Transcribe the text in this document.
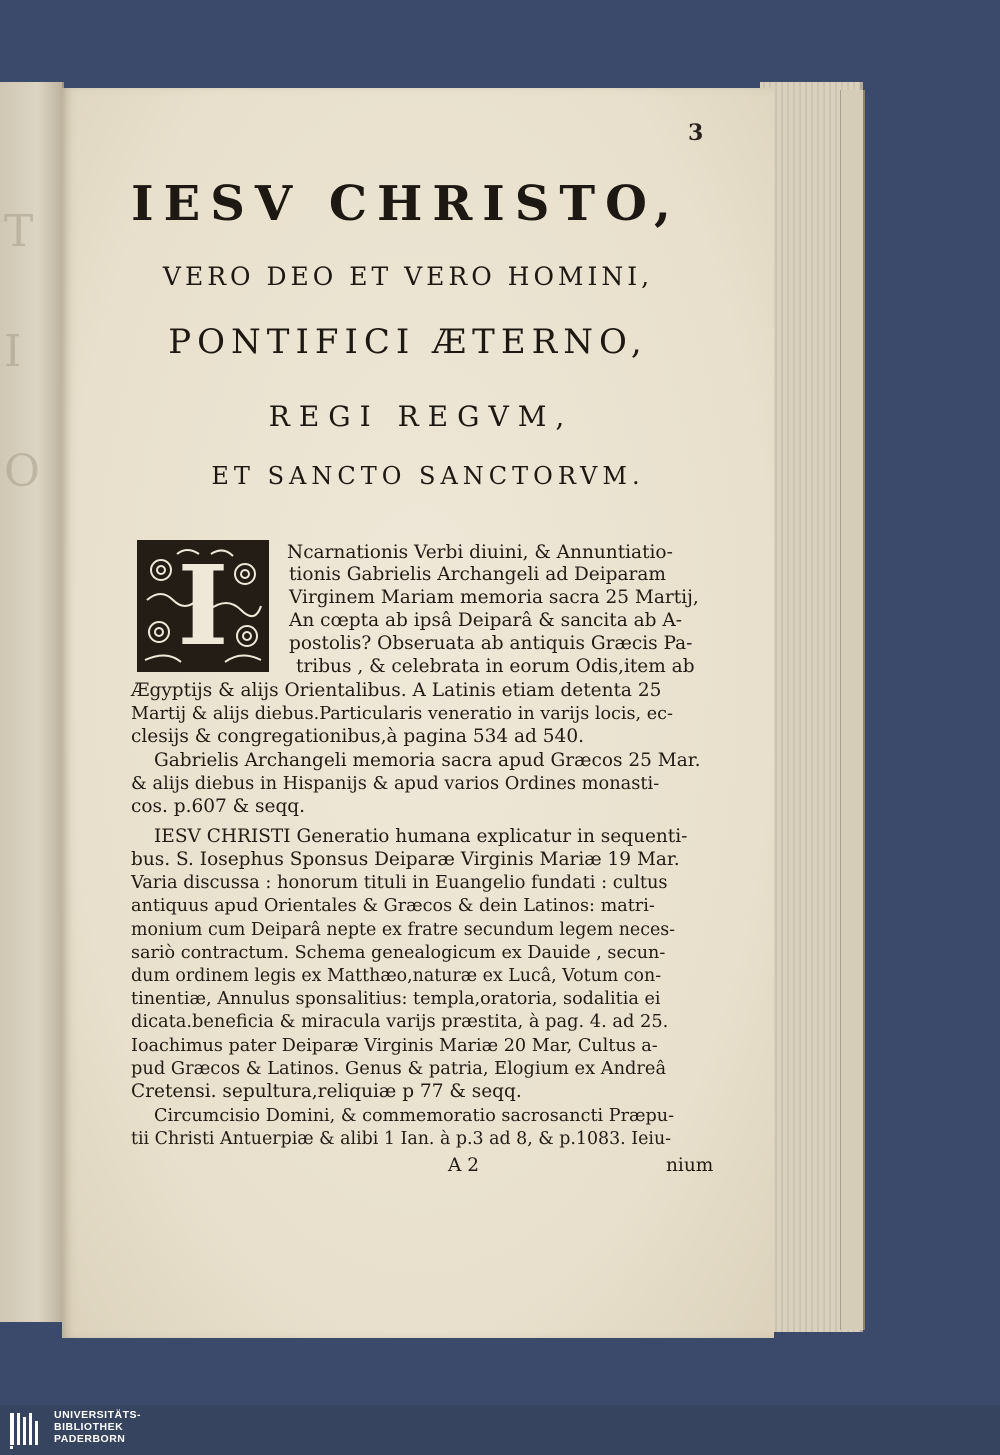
T

I

O
3
IESV CHRISTO,
VERO DEO ET VERO HOMINI,
PONTIFICI ÆTERNO,
REGI REGVM,
ET SANCTO SANCTORVM.
I	Ncarnationis Verbi diuini, & Annuntiatio-
tionis Gabrielis Archangeli ad Deiparam
Virginem Mariam memoria sacra 25 Martij,
An cœpta ab ipsâ Deiparâ & sancita ab A-
postolis? Obseruata ab antiquis Græcis Pa-
tribus , & celebrata in eorum Odis,item ab
Ægyptijs & alijs Orientalibus. A Latinis etiam detenta 25
Martij & alijs diebus.Particularis veneratio in varijs locis, ec-
clesijs & congregationibus,à pagina 534 ad 540.
Gabrielis Archangeli memoria sacra apud Græcos 25 Mar.
& alijs diebus in Hispanijs & apud varios Ordines monasti-
cos. p.607 & seqq.
IESV CHRISTI Generatio humana explicatur in sequenti-
bus. S. Iosephus Sponsus Deiparæ Virginis Mariæ 19 Mar.
Varia discussa : honorum tituli in Euangelio fundati : cultus
antiquus apud Orientales & Græcos & dein Latinos: matri-
monium cum Deiparâ nepte ex fratre secundum legem neces-
sariò contractum. Schema genealogicum ex Dauide , secun-
dum ordinem legis ex Matthæo,naturæ ex Lucâ, Votum con-
tinentiæ, Annulus sponsalitius: templa,oratoria, sodalitia ei
dicata.beneficia & miracula varijs præstita, à pag. 4. ad 25.
Ioachimus pater Deiparæ Virginis Mariæ 20 Mar, Cultus a-
pud Græcos & Latinos. Genus & patria, Elogium ex Andreâ
Cretensi. sepultura,reliquiæ p 77 & seqq.
Circumcisio Domini, & commemoratio sacrosancti Præpu-
tii Christi Antuerpiæ & alibi 1 Ian. à p.3 ad 8, & p.1083. Ieiu-
A 2	nium
UNIVERSITÄTS-
BIBLIOTHEK
PADERBORN
